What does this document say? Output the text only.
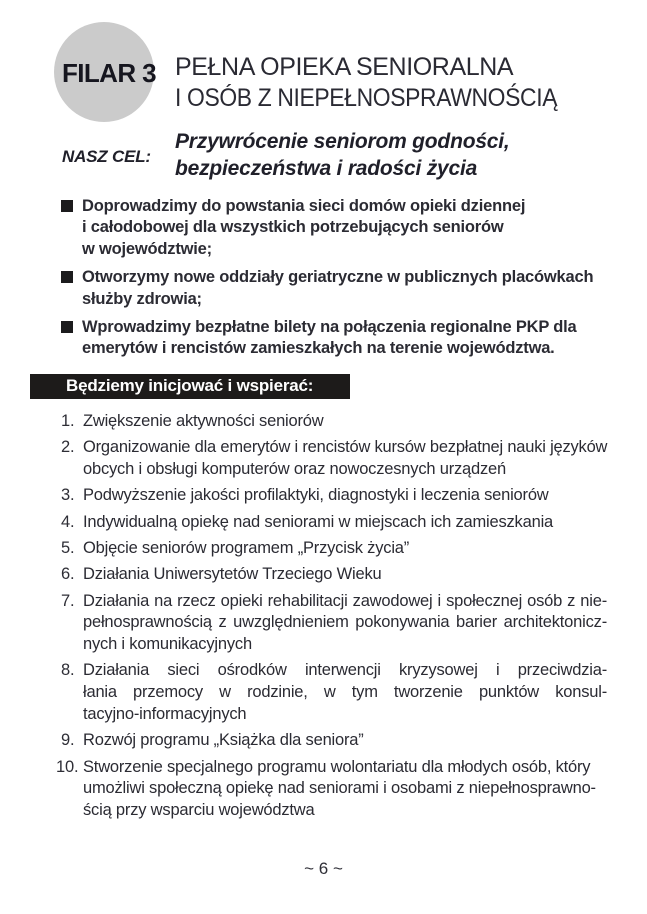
FILAR 3 PEŁNA OPIEKA SENIORALNA
I OSÓB Z NIEPEŁNOSPRAWNOŚCIĄ
NASZ CEL:
Przywrócenie seniorom godności,
bezpieczeństwa i radości życia
Doprowadzimy do powstania sieci domów opieki dziennej
i całodobowej dla wszystkich potrzebujących seniorów
w województwie;
Otworzymy nowe oddziały geriatryczne w publicznych placówkach
służby zdrowia;
Wprowadzimy bezpłatne bilety na połączenia regionalne PKP dla
emerytów i rencistów zamieszkałych na terenie województwa.
Będziemy inicjować i wspierać:
1. Zwiększenie aktywności seniorów
2. Organizowanie dla emerytów i rencistów kursów bezpłatnej nauki języków
obcych i obsługi komputerów oraz nowoczesnych urządzeń
3. Podwyższenie jakości profilaktyki, diagnostyki i leczenia seniorów
4. Indywidualną opiekę nad seniorami w miejscach ich zamieszkania
5. Objęcie seniorów programem „Przycisk życia”
6. Działania Uniwersytetów Trzeciego Wieku
7. Działania na rzecz opieki rehabilitacji zawodowej i społecznej osób z nie-
pełnosprawnością z uwzględnieniem pokonywania barier architektonicz-
nych i komunikacyjnych
8. Działania sieci ośrodków interwencji kryzysowej i przeciwdzia-
łania przemocy w rodzinie, w tym tworzenie punktów konsul-
tacyjno-informacyjnych
9. Rozwój programu „Książka dla seniora”
10. Stworzenie specjalnego programu wolontariatu dla młodych osób, który
umożliwi społeczną opiekę nad seniorami i osobami z niepełnosprawno-
ścią przy wsparciu województwa
~ 6 ~
